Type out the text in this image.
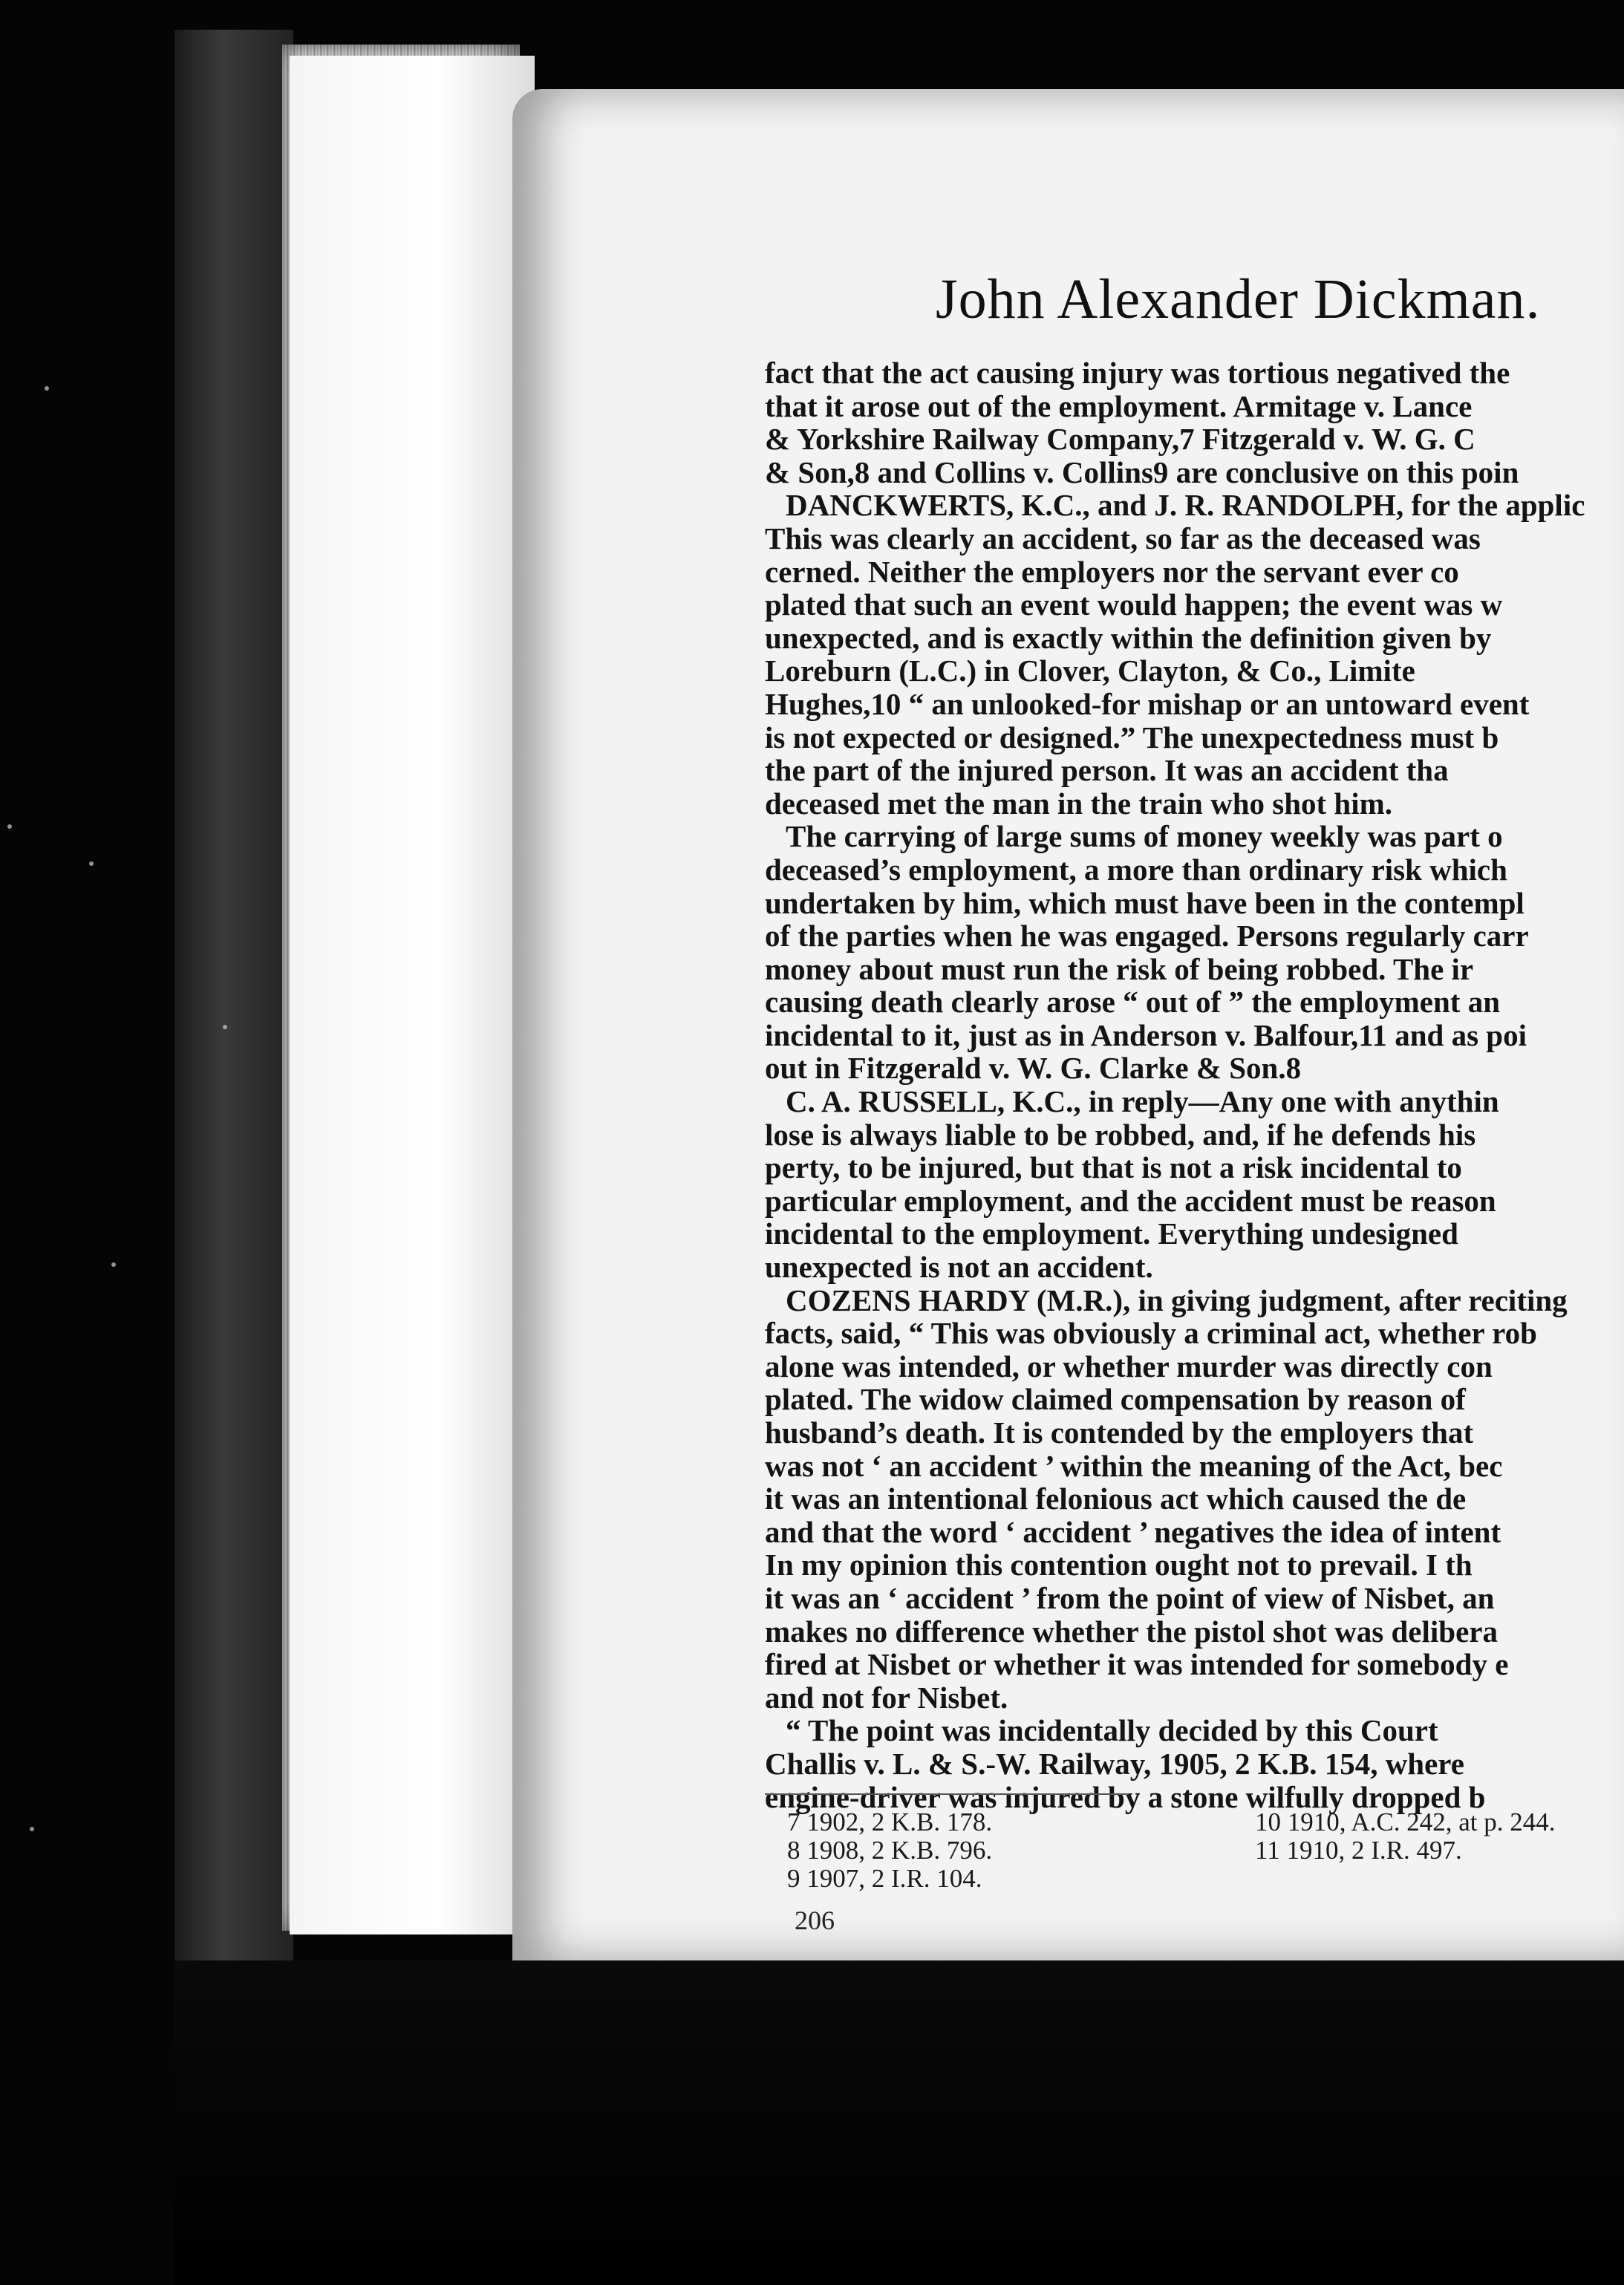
John Alexander Dickman.
fact that the act causing injury was tortious negatived the
that it arose out of the employment. Armitage v. Lance
& Yorkshire Railway Company,7 Fitzgerald v. W. G. C
& Son,8 and Collins v. Collins9 are conclusive on this poin
DANCKWERTS, K.C., and J. R. RANDOLPH, for the applic
This was clearly an accident, so far as the deceased was
cerned. Neither the employers nor the servant ever co
plated that such an event would happen; the event was w
unexpected, and is exactly within the definition given by
Loreburn (L.C.) in Clover, Clayton, & Co., Limite
Hughes,10 “ an unlooked-for mishap or an untoward event
is not expected or designed.” The unexpectedness must b
the part of the injured person. It was an accident tha
deceased met the man in the train who shot him.
The carrying of large sums of money weekly was part o
deceased’s employment, a more than ordinary risk which
undertaken by him, which must have been in the contempl
of the parties when he was engaged. Persons regularly carr
money about must run the risk of being robbed. The ir
causing death clearly arose “ out of ” the employment an
incidental to it, just as in Anderson v. Balfour,11 and as poi
out in Fitzgerald v. W. G. Clarke & Son.8
C. A. RUSSELL, K.C., in reply—Any one with anythin
lose is always liable to be robbed, and, if he defends his
perty, to be injured, but that is not a risk incidental to
particular employment, and the accident must be reason
incidental to the employment. Everything undesigned
unexpected is not an accident.
COZENS HARDY (M.R.), in giving judgment, after reciting
facts, said, “ This was obviously a criminal act, whether rob
alone was intended, or whether murder was directly con
plated. The widow claimed compensation by reason of
husband’s death. It is contended by the employers that
was not ‘ an accident ’ within the meaning of the Act, bec
it was an intentional felonious act which caused the de
and that the word ‘ accident ’ negatives the idea of intent
In my opinion this contention ought not to prevail. I th
it was an ‘ accident ’ from the point of view of Nisbet, an
makes no difference whether the pistol shot was delibera
fired at Nisbet or whether it was intended for somebody e
and not for Nisbet.
“ The point was incidentally decided by this Court
Challis v. L. & S.-W. Railway, 1905, 2 K.B. 154, where
engine-driver was injured by a stone wilfully dropped b
7 1902, 2 K.B. 178.
8 1908, 2 K.B. 796.
9 1907, 2 I.R. 104.
10 1910, A.C. 242, at p. 244.
11 1910, 2 I.R. 497.
206
